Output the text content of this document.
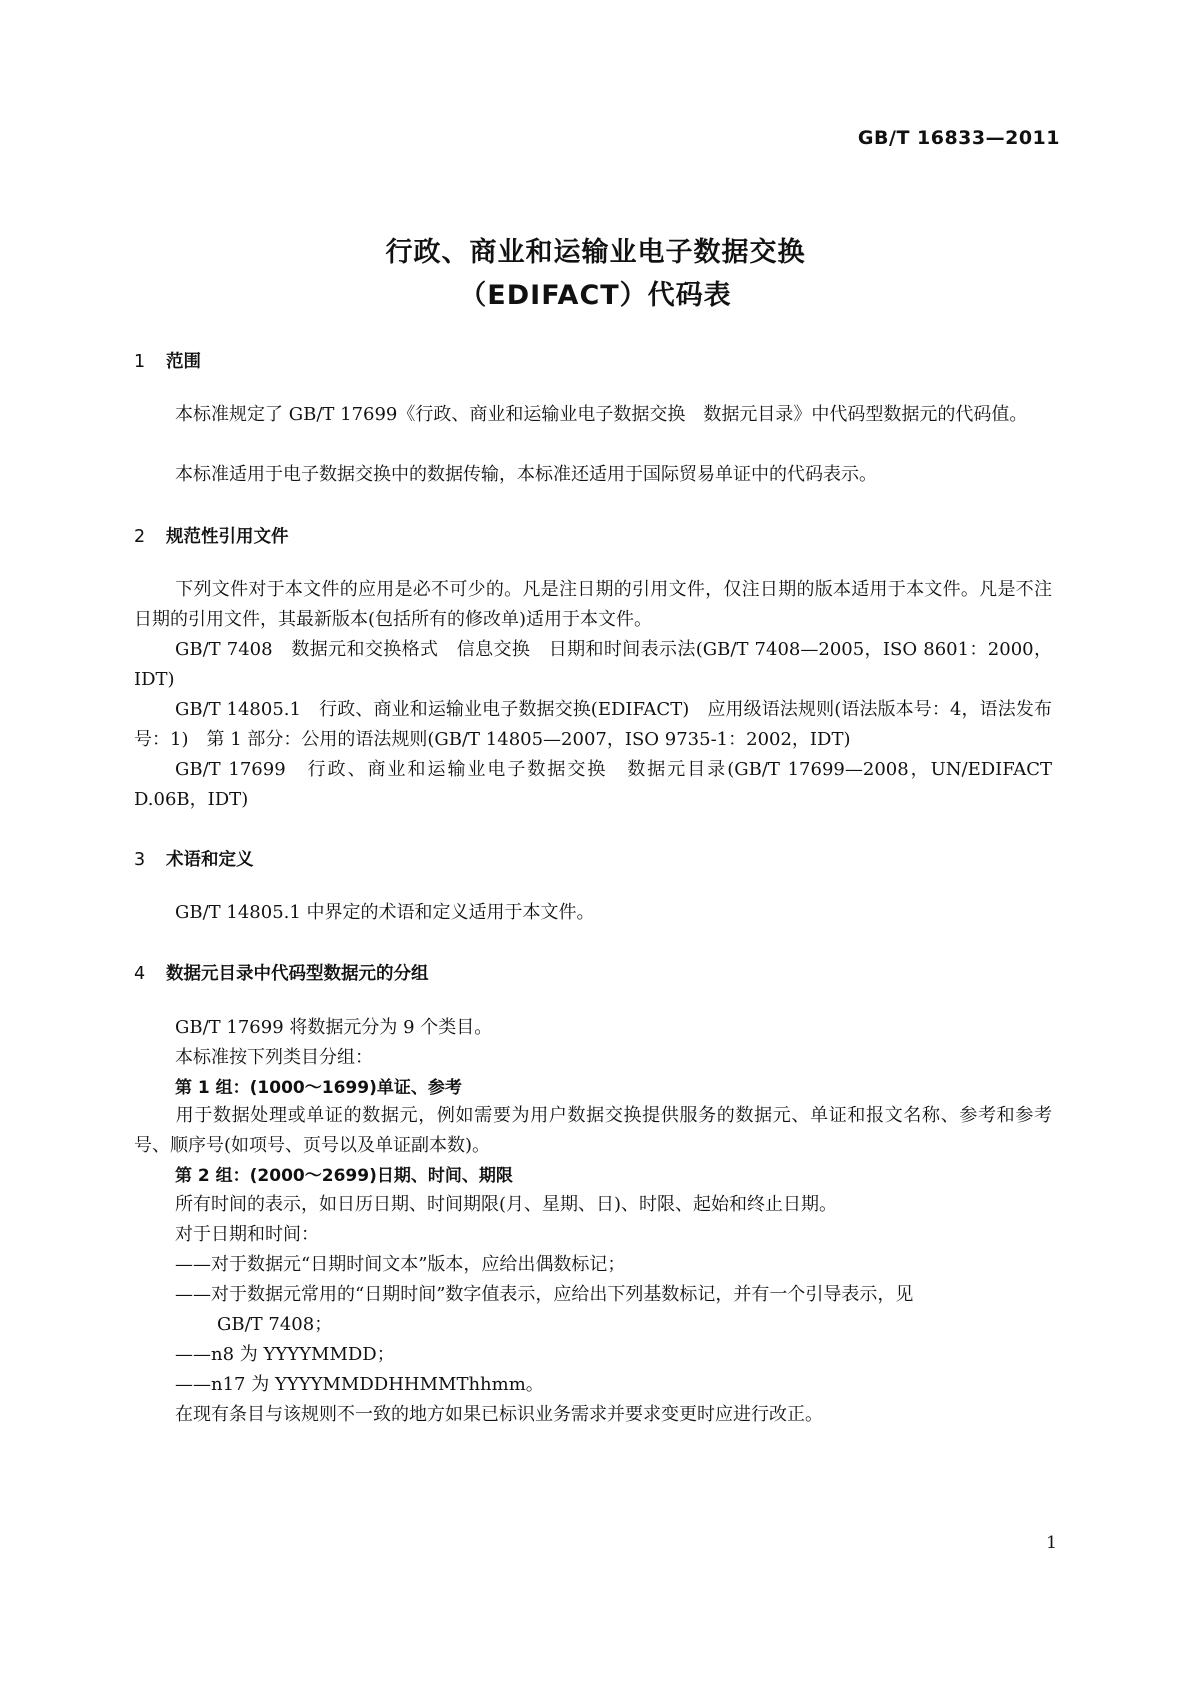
GB/T 16833—2011
行政、商业和运输业电子数据交换
（EDIFACT）代码表
1 范围
本标准规定了 GB/T 17699《行政、商业和运输业电子数据交换　数据元目录》中代码型数据元的代码值。
本标准适用于电子数据交换中的数据传输，本标准还适用于国际贸易单证中的代码表示。
2 规范性引用文件
下列文件对于本文件的应用是必不可少的。凡是注日期的引用文件，仅注日期的版本适用于本文件。凡是不注日期的引用文件，其最新版本(包括所有的修改单)适用于本文件。
GB/T 7408　数据元和交换格式　信息交换　日期和时间表示法(GB/T 7408—2005，ISO 8601：2000，IDT)
GB/T 14805.1　行政、商业和运输业电子数据交换(EDIFACT)　应用级语法规则(语法版本号：4，语法发布号：1)　第 1 部分：公用的语法规则(GB/T 14805—2007，ISO 9735-1：2002，IDT)
GB/T 17699　行政、商业和运输业电子数据交换　数据元目录(GB/T 17699—2008，UN/EDIFACT D.06B，IDT)
3 术语和定义
GB/T 14805.1 中界定的术语和定义适用于本文件。
4 数据元目录中代码型数据元的分组
GB/T 17699 将数据元分为 9 个类目。
本标准按下列类目分组：
第 1 组：(1000～1699)单证、参考
用于数据处理或单证的数据元，例如需要为用户数据交换提供服务的数据元、单证和报文名称、参考和参考号、顺序号(如项号、页号以及单证副本数)。
第 2 组：(2000～2699)日期、时间、期限
所有时间的表示，如日历日期、时间期限(月、星期、日)、时限、起始和终止日期。
对于日期和时间：
——对于数据元“日期时间文本”版本，应给出偶数标记；
——对于数据元常用的“日期时间”数字值表示，应给出下列基数标记，并有一个引导表示，见
GB/T 7408；
——n8 为 YYYYMMDD；
——n17 为 YYYYMMDDHHMMThhmm。
在现有条目与该规则不一致的地方如果已标识业务需求并要求变更时应进行改正。
1
